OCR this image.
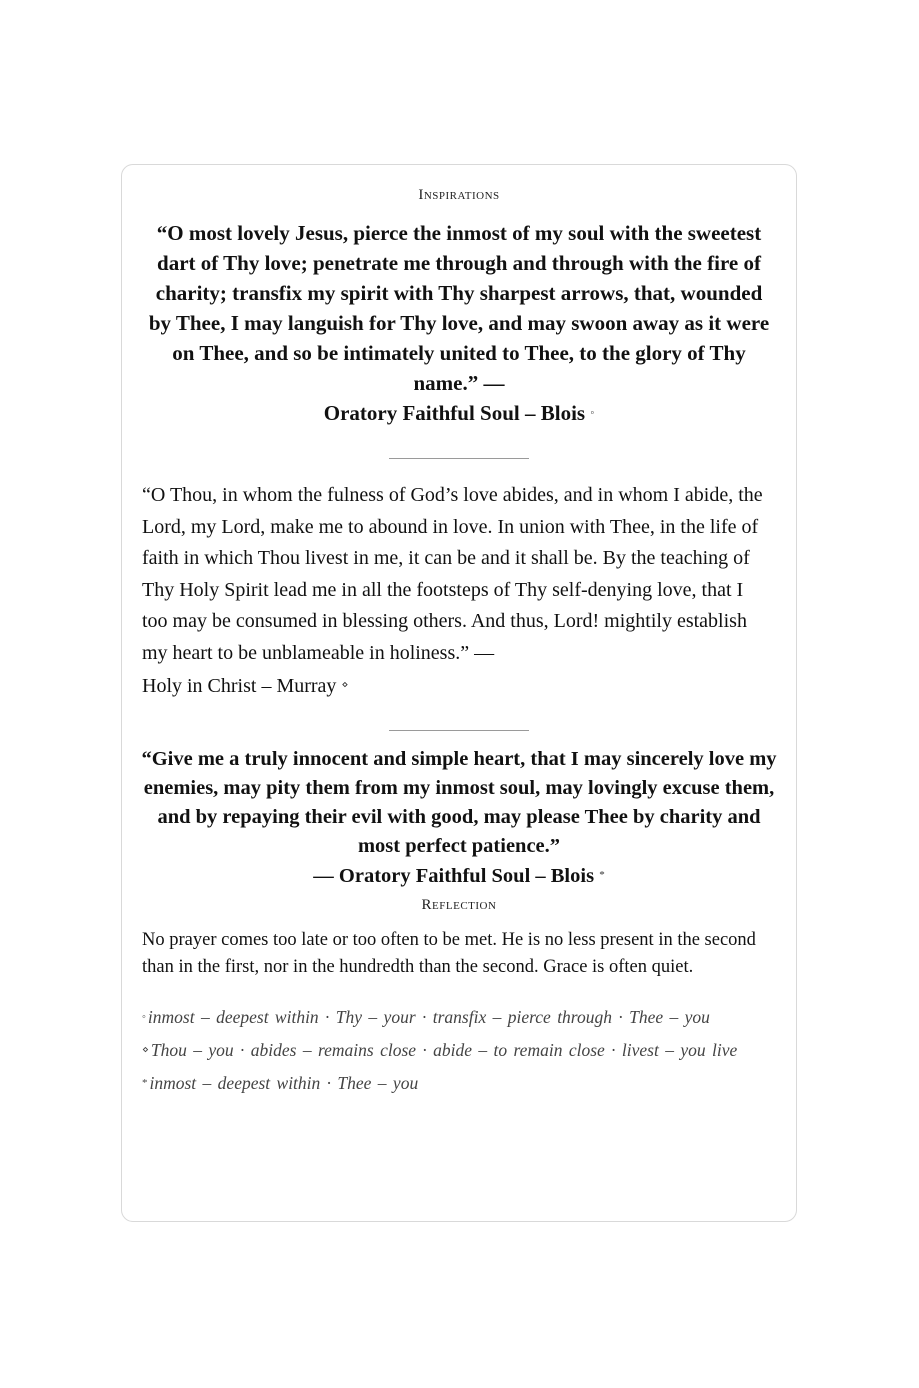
Inspirations
“O most lovely Jesus, pierce the inmost of my soul with the sweetest dart of Thy love; penetrate me through and through with the fire of charity; transfix my spirit with Thy sharpest arrows, that, wounded by Thee, I may languish for Thy love, and may swoon away as it were on Thee, and so be intimately united to Thee, to the glory of Thy name.” —
Oratory Faithful Soul – Blois ◦
“O Thou, in whom the fulness of God’s love abides, and in whom I abide, the Lord, my Lord, make me to abound in love. In union with Thee, in the life of faith in which Thou livest in me, it can be and it shall be. By the teaching of Thy Holy Spirit lead me in all the footsteps of Thy self-denying love, that I too may be consumed in blessing others. And thus, Lord! mightily establish my heart to be unblameable in holiness.” —
Holy in Christ – Murray ⋄
“Give me a truly innocent and simple heart, that I may sincerely love my enemies, may pity them from my inmost soul, may lovingly excuse them, and by repaying their evil with good, may please Thee by charity and most perfect patience.”
— Oratory Faithful Soul – Blois *
Reflection
No prayer comes too late or too often to be met. He is no less present in the second than in the first, nor in the hundredth than the second. Grace is often quiet.
◦ inmost – deepest within · Thy – your · transfix – pierce through · Thee – you
⋄ Thou – you · abides – remains close · abide – to remain close · livest – you live
* inmost – deepest within · Thee – you
